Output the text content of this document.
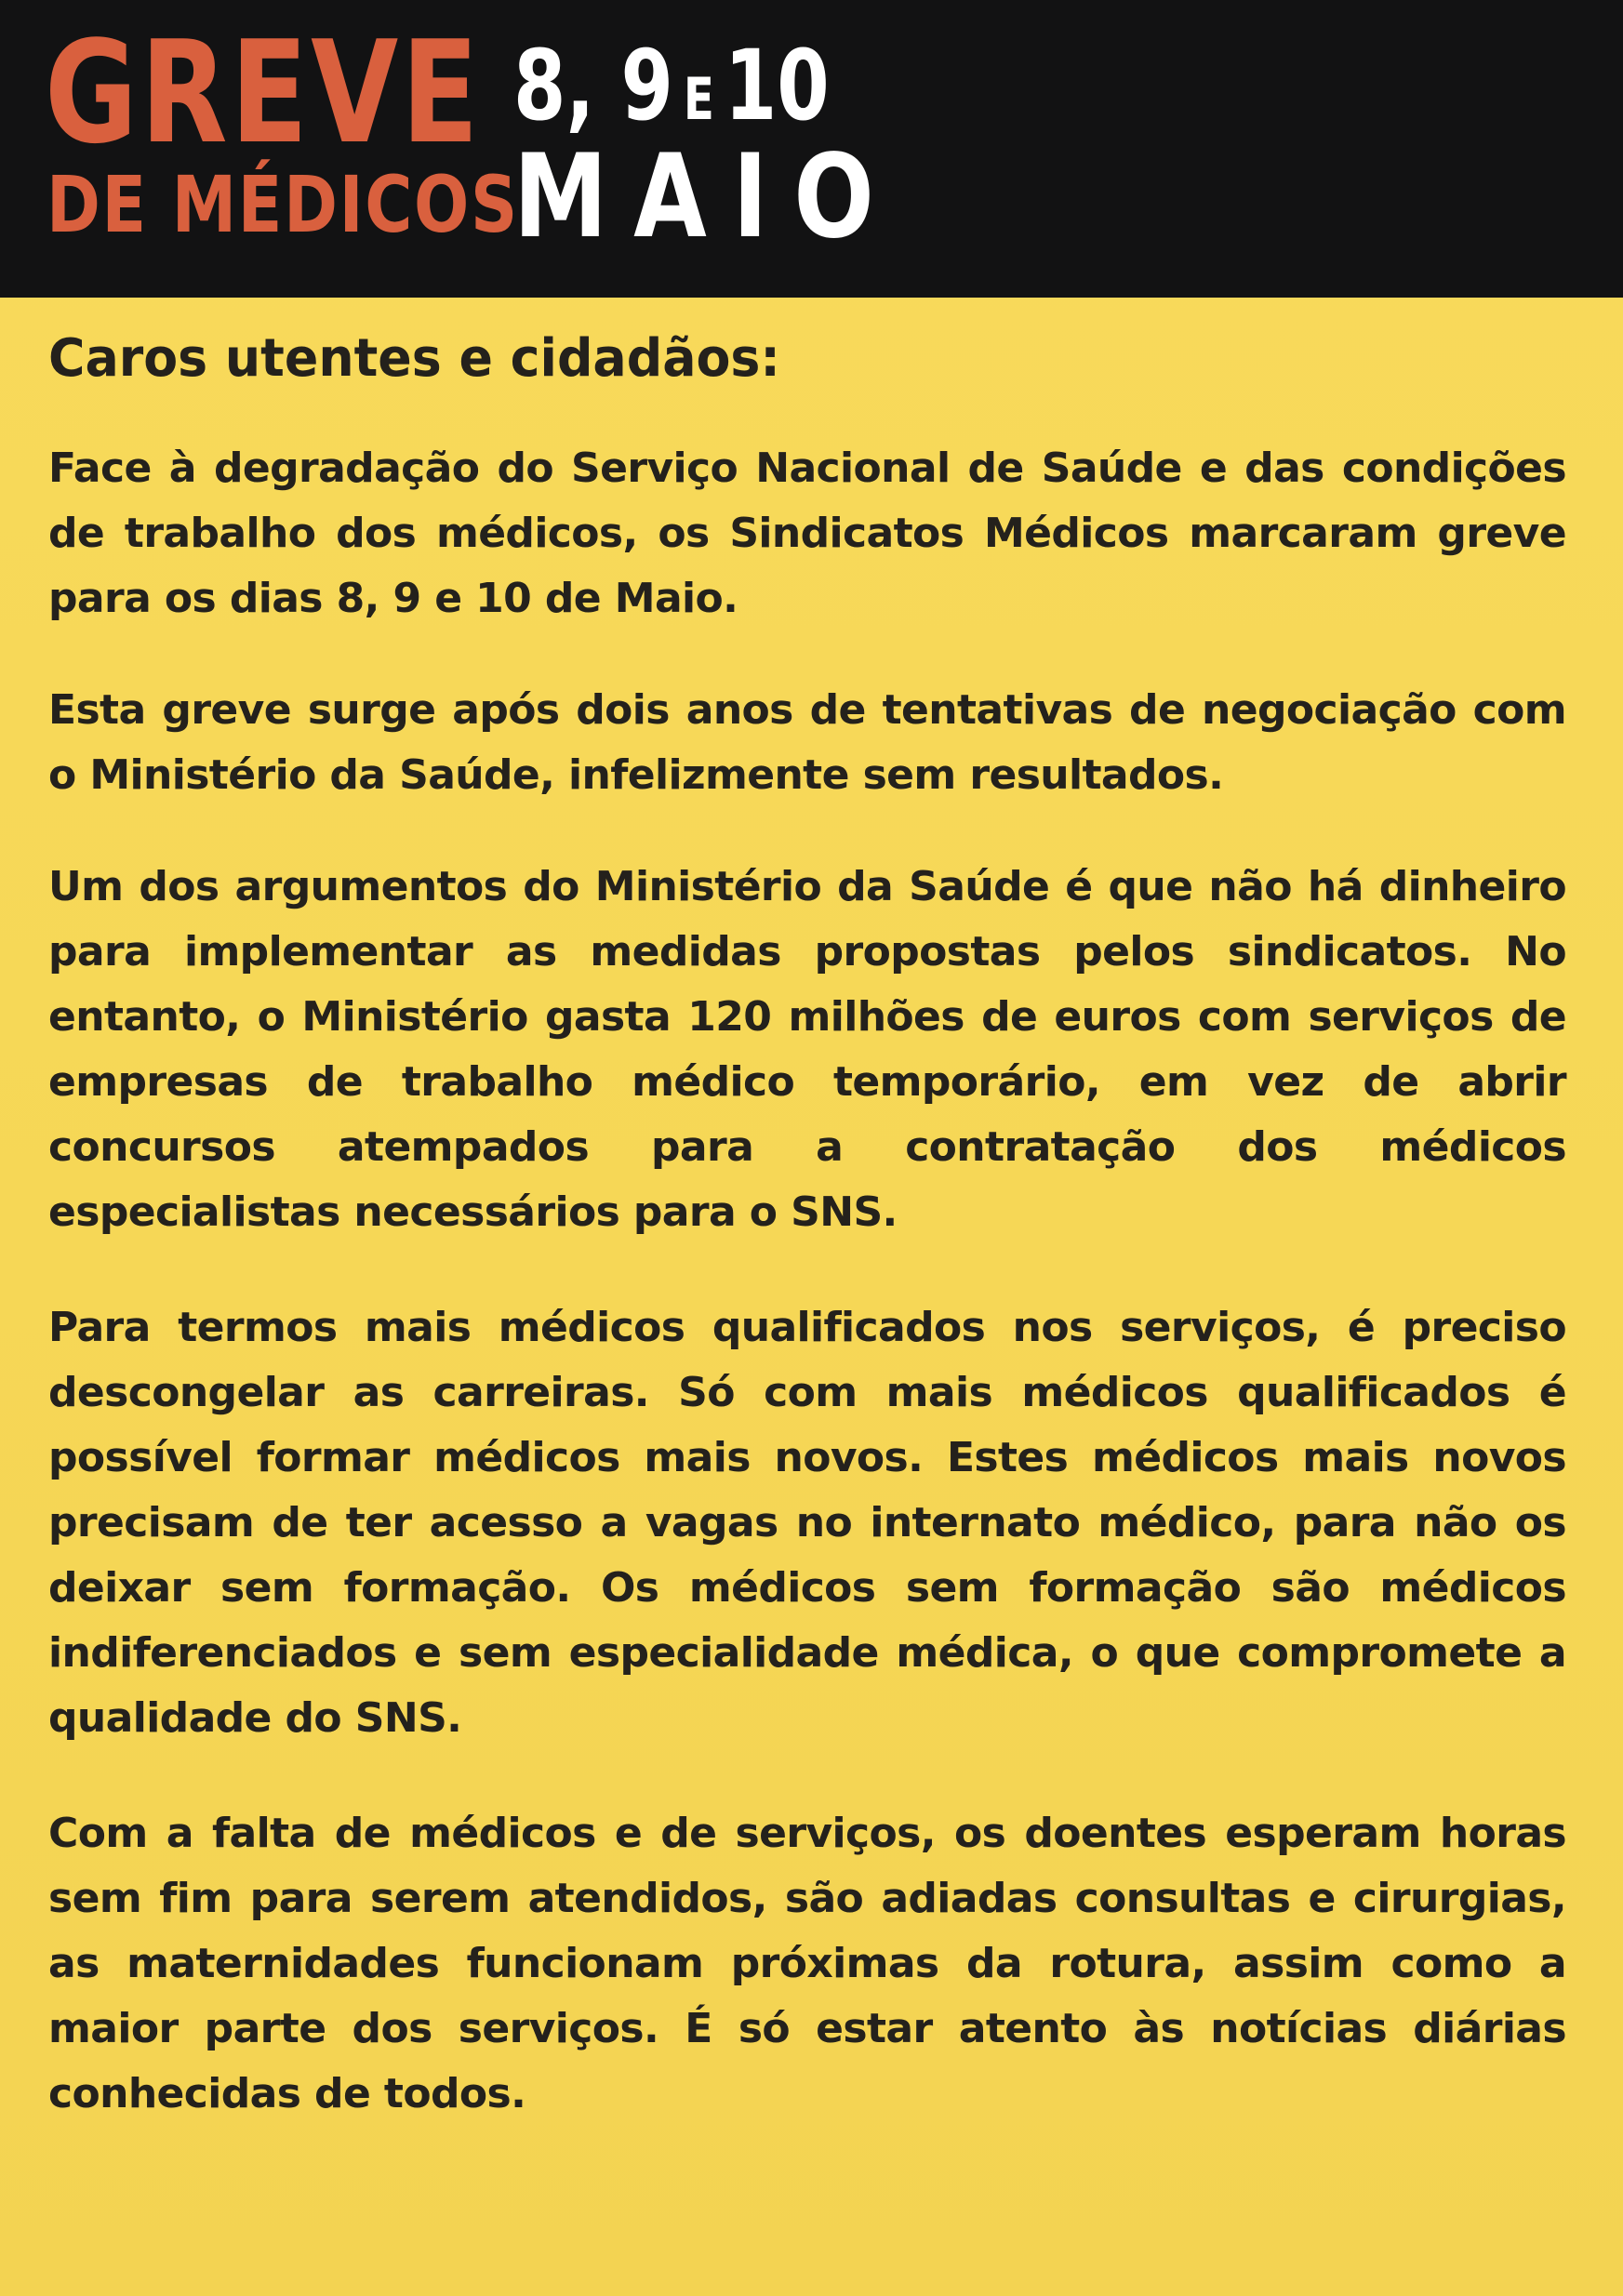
GREVE
DE MÉDICOS
8, 9 E 10
MAIO
Caros utentes e cidadãos:

Face à degradação do Serviço Nacional de Saúde e das condições de trabalho dos médicos, os Sindicatos Médicos marcaram greve para os dias 8, 9 e 10 de Maio.

Esta greve surge após dois anos de tentativas de negociação com o Ministério da Saúde, infelizmente sem resultados.

Um dos argumentos do Ministério da Saúde é que não há dinheiro para implementar as medidas propostas pelos sindicatos. No entanto, o Ministério gasta 120 milhões de euros com serviços de empresas de trabalho médico temporário, em vez de abrir concursos atempados para a contratação dos médicos especialistas necessários para o SNS.

Para termos mais médicos qualificados nos serviços, é preciso descongelar as carreiras. Só com mais médicos qualificados é possível formar médicos mais novos. Estes médicos mais novos precisam de ter acesso a vagas no internato médico, para não os deixar sem formação. Os médicos sem formação são médicos indiferenciados e sem especialidade médica, o que compromete a qualidade do SNS.

Com a falta de médicos e de serviços, os doentes esperam horas sem fim para serem atendidos, são adiadas consultas e cirurgias, as maternidades funcionam próximas da rotura, assim como a maior parte dos serviços. É só estar atento às notícias diárias conhecidas de todos.
